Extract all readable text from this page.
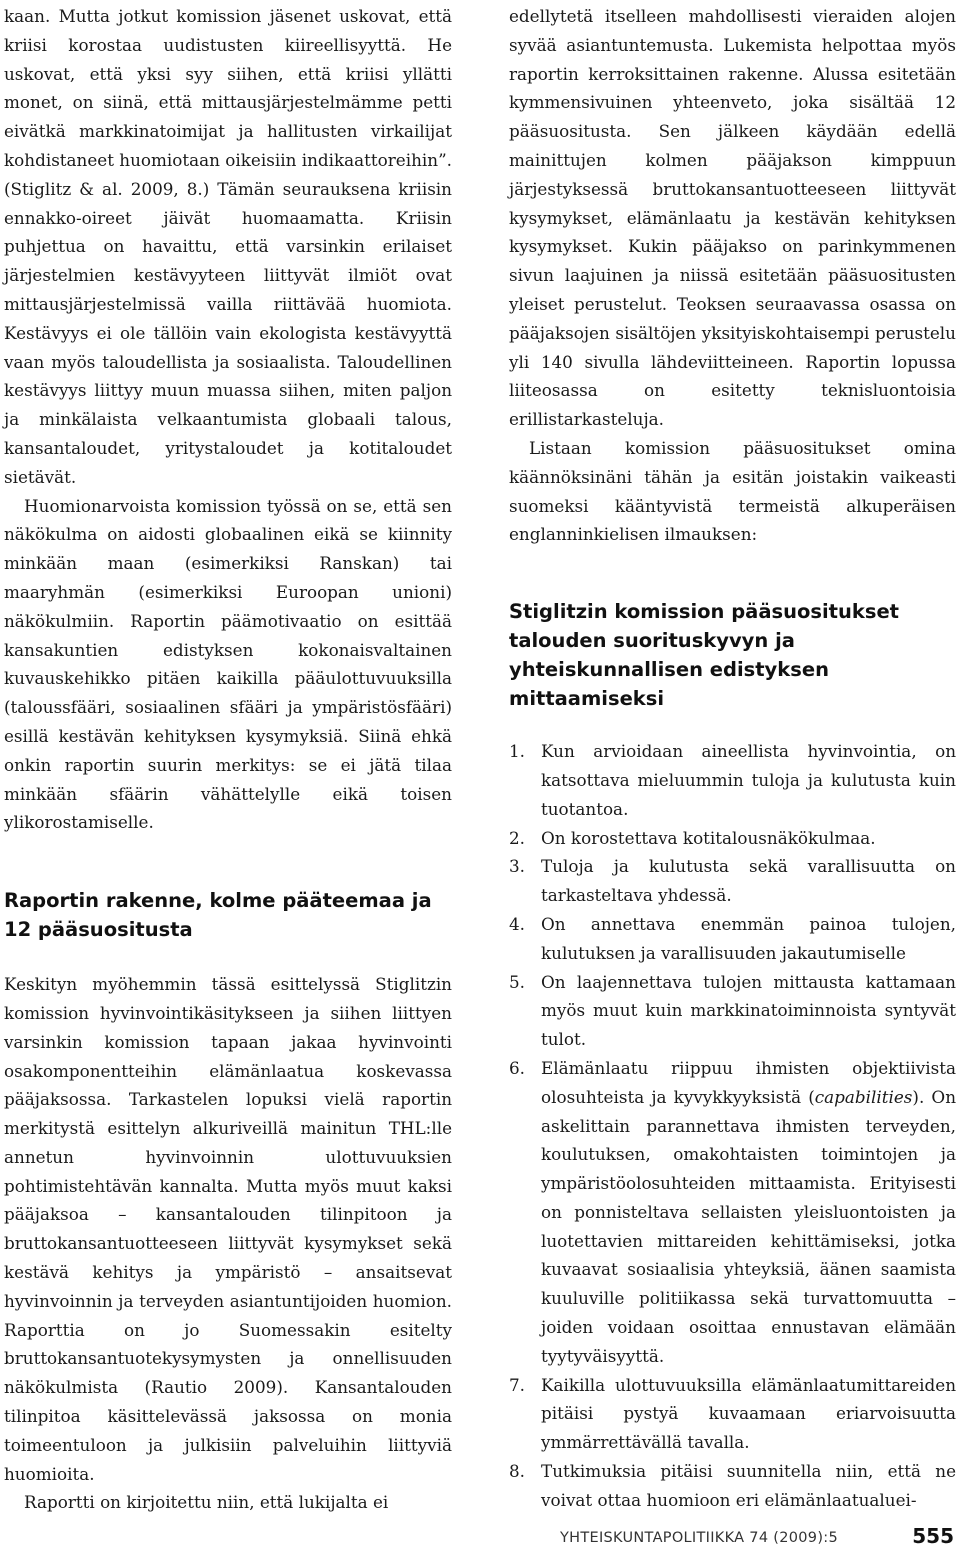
kaan. Mutta jotkut komission jäsenet uskovat, että kriisi korostaa uudistusten kiireellisyyttä. He uskovat, että yksi syy siihen, että kriisi yllätti monet, on siinä, että mittausjärjestelmämme petti eivätkä markkinatoimijat ja hallitusten virkailijat kohdistaneet huomiotaan oikeisiin indikaattoreihin”. (Stiglitz & al. 2009, 8.) Tämän seurauksena kriisin ennakko-oireet jäivät huomaamatta. Kriisin puhjettua on havaittu, että varsinkin erilaiset järjestelmien kestävyyteen liittyvät ilmiöt ovat mittausjärjestelmissä vailla riittävää huomiota. Kestävyys ei ole tällöin vain ekologista kestävyyttä vaan myös taloudellista ja sosiaalista. Taloudellinen kestävyys liittyy muun muassa siihen, miten paljon ja minkälaista velkaantumista globaali talous, kansantaloudet, yritystaloudet ja kotitaloudet sietävät.

Huomionarvoista komission työssä on se, että sen näkökulma on aidosti globaalinen eikä se kiinnity minkään maan (esimerkiksi Ranskan) tai maaryhmän (esimerkiksi Euroopan unioni) näkökulmiin. Raportin päämotivaatio on esittää kansakuntien edistyksen kokonaisvaltainen kuvauskehikko pitäen kaikilla pääulottuvuuksilla (taloussfääri, sosiaalinen sfääri ja ympäristösfääri) esillä kestävän kehityksen kysymyksiä. Siinä ehkä onkin raportin suurin merkitys: se ei jätä tilaa minkään sfäärin vähättelylle eikä toisen ylikorostamiselle.

Raportin rakenne, kolme pääteemaa ja 12 pääsuositusta

Keskityn myöhemmin tässä esittelyssä Stiglitzin komission hyvinvointikäsitykseen ja siihen liittyen varsinkin komission tapaan jakaa hyvinvointi osakomponentteihin elämänlaatua koskevassa pääjaksossa. Tarkastelen lopuksi vielä raportin merkitystä esittelyn alkuriveillä mainitun THL:lle annetun hyvinvoinnin ulottuvuuksien pohtimistehtävän kannalta. Mutta myös muut kaksi pääjaksoa – kansantalouden tilinpitoon ja bruttokansantuotteeseen liittyvät kysymykset sekä kestävä kehitys ja ympäristö – ansaitsevat hyvinvoinnin ja terveyden asiantuntijoiden huomion. Raporttia on jo Suomessakin esitelty bruttokansantuotekysymysten ja onnellisuuden näkökulmista (Rautio 2009). Kansantalouden tilinpitoa käsittelevässä jaksossa on monia toimeentuloon ja julkisiin palveluihin liittyviä huomioita.

Raportti on kirjoitettu niin, että lukijalta ei

edellytetä itselleen mahdollisesti vieraiden alojen syvää asiantuntemusta. Lukemista helpottaa myös raportin kerroksittainen rakenne. Alussa esitetään kymmensivuinen yhteenveto, joka sisältää 12 pääsuositusta. Sen jälkeen käydään edellä mainittujen kolmen pääjakson kimppuun järjestyksessä bruttokansantuotteeseen liittyvät kysymykset, elämänlaatu ja kestävän kehityksen kysymykset. Kukin pääjakso on parinkymmenen sivun laajuinen ja niissä esitetään pääsuositusten yleiset perustelut. Teoksen seuraavassa osassa on pääjaksojen sisältöjen yksityiskohtaisempi perustelu yli 140 sivulla lähdeviitteineen. Raportin lopussa liiteosassa on esitetty teknisluontoisia erillistarkasteluja.

Listaan komission pääsuositukset omina käännöksinäni tähän ja esitän joistakin vaikeasti suomeksi kääntyvistä termeistä alkuperäisen englanninkielisen ilmauksen:

Stiglitzin komission pääsuositukset talouden suorituskyvyn ja yhteiskunnallisen edistyksen mittaamiseksi
1. Kun arvioidaan aineellista hyvinvointia, on katsottava mieluummin tuloja ja kulutusta kuin tuotantoa.
2. On korostettava kotitalousnäkökulmaa.
3. Tuloja ja kulutusta sekä varallisuutta on tarkasteltava yhdessä.
4. On annettava enemmän painoa tulojen, kulutuksen ja varallisuuden jakautumiselle
5. On laajennettava tulojen mittausta kattamaan myös muut kuin markkinatoiminnoista syntyvät tulot.
6. Elämänlaatu riippuu ihmisten objektiivista olosuhteista ja kyvykkyyksistä (capabilities). On askelittain parannettava ihmisten terveyden, koulutuksen, omakohtaisten toimintojen ja ympäristöolosuhteiden mittaamista. Erityisesti on ponnisteltava sellaisten yleisluontoisten ja luotettavien mittareiden kehittämiseksi, jotka kuvaavat sosiaalisia yhteyksiä, äänen saamista kuuluville politiikassa sekä turvattomuutta – joiden voidaan osoittaa ennustavan elämään tyytyväisyyttä.
7. Kaikilla ulottuvuuksilla elämänlaatumittareiden pitäisi pystyä kuvaamaan eriarvoisuutta ymmärrettävällä tavalla.
8. Tutkimuksia pitäisi suunnitella niin, että ne voivat ottaa huomioon eri elämänlaatualuei-
YHTEISKUNTAPOLITIIKKA 74 (2009):5	555
